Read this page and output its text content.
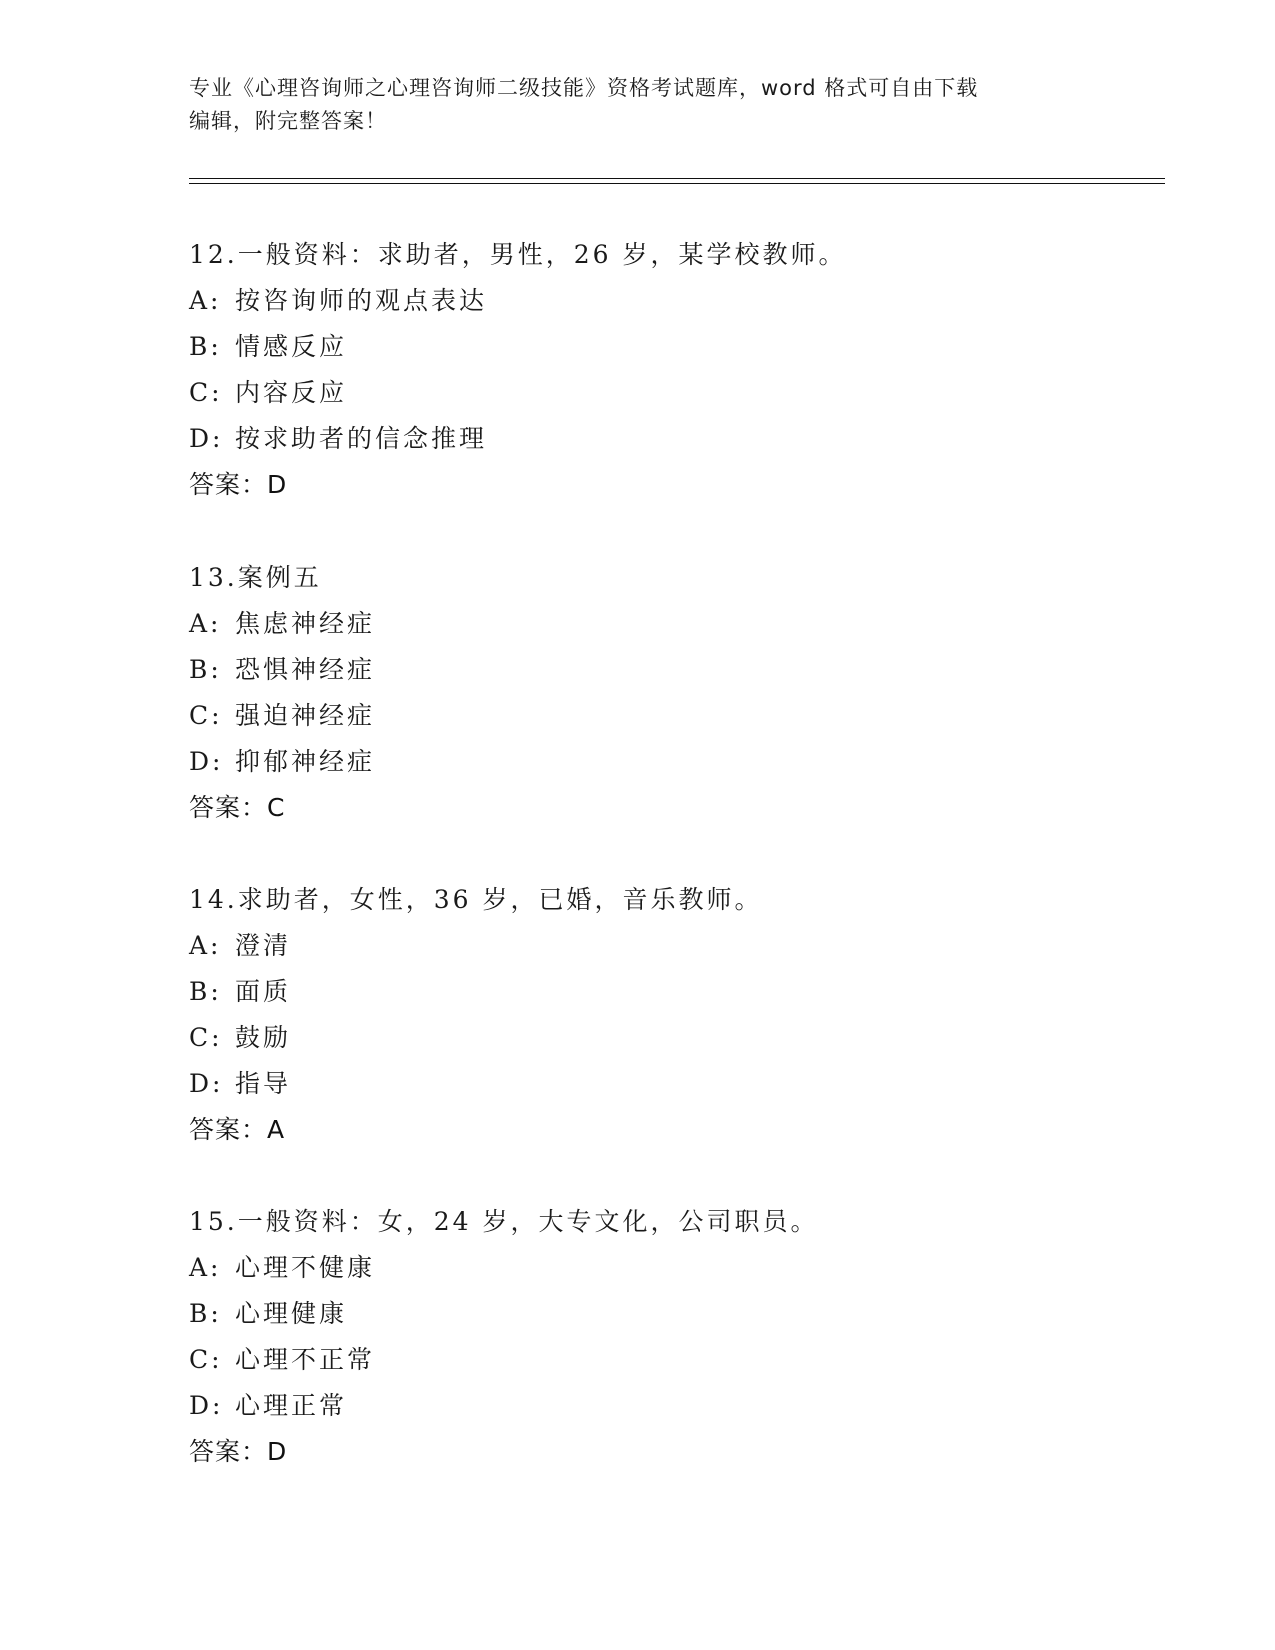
专业《心理咨询师之心理咨询师二级技能》资格考试题库，word 格式可自由下载
编辑，附完整答案！
12.一般资料：求助者，男性，26 岁，某学校教师。
A: 按咨询师的观点表达
B: 情感反应
C: 内容反应
D: 按求助者的信念推理
答案：D
13.案例五
A: 焦虑神经症
B: 恐惧神经症
C: 强迫神经症
D: 抑郁神经症
答案：C
14.求助者，女性，36 岁，已婚，音乐教师。
A: 澄清
B: 面质
C: 鼓励
D: 指导
答案：A
15.一般资料：女，24 岁，大专文化，公司职员。
A: 心理不健康
B: 心理健康
C: 心理不正常
D: 心理正常
答案：D
